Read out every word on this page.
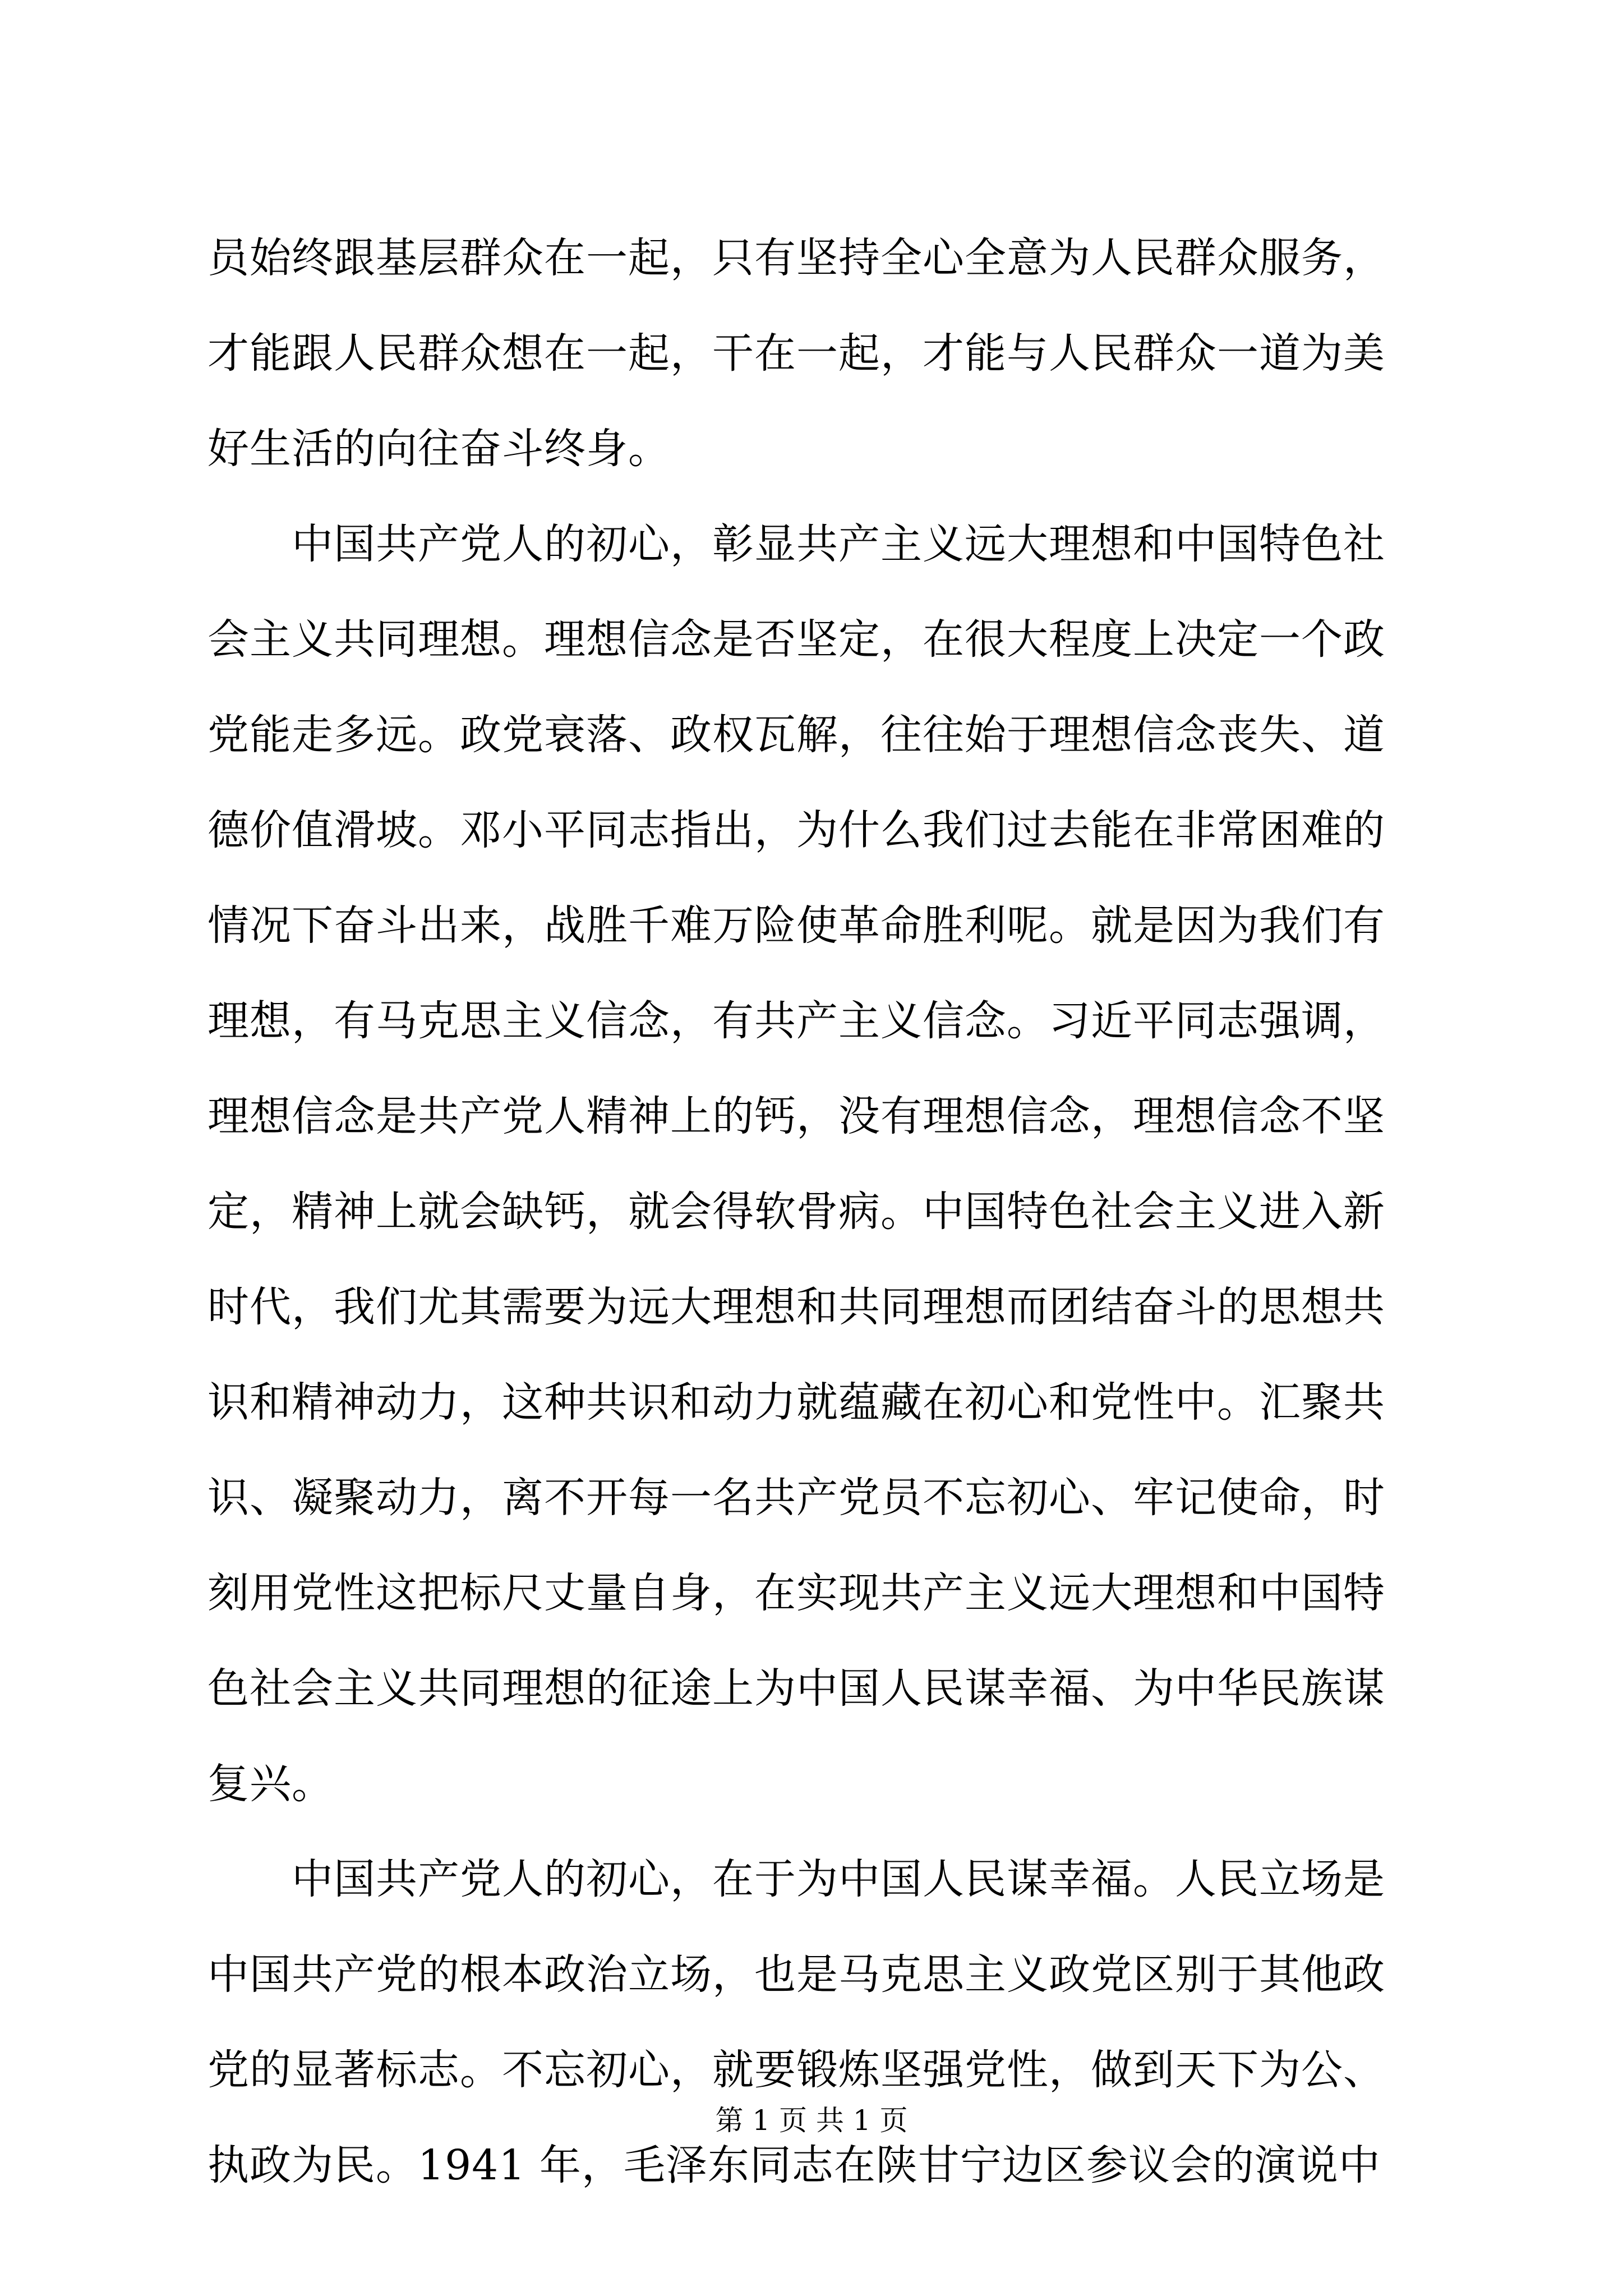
员始终跟基层群众在一起，只有坚持全心全意为人民群众服务，
才能跟人民群众想在一起，干在一起，才能与人民群众一道为美
好生活的向往奋斗终身。
中国共产党人的初心，彰显共产主义远大理想和中国特色社
会主义共同理想。理想信念是否坚定，在很大程度上决定一个政
党能走多远。政党衰落、政权瓦解，往往始于理想信念丧失、道
德价值滑坡。邓小平同志指出，为什么我们过去能在非常困难的
情况下奋斗出来，战胜千难万险使革命胜利呢。就是因为我们有
理想，有马克思主义信念，有共产主义信念。习近平同志强调，
理想信念是共产党人精神上的钙，没有理想信念，理想信念不坚
定，精神上就会缺钙，就会得软骨病。中国特色社会主义进入新
时代，我们尤其需要为远大理想和共同理想而团结奋斗的思想共
识和精神动力，这种共识和动力就蕴藏在初心和党性中。汇聚共
识、凝聚动力，离不开每一名共产党员不忘初心、牢记使命，时
刻用党性这把标尺丈量自身，在实现共产主义远大理想和中国特
色社会主义共同理想的征途上为中国人民谋幸福、为中华民族谋
复兴。
中国共产党人的初心，在于为中国人民谋幸福。人民立场是
中国共产党的根本政治立场，也是马克思主义政党区别于其他政
党的显著标志。不忘初心，就要锻炼坚强党性，做到天下为公、
执政为民。1941 年，毛泽东同志在陕甘宁边区参议会的演说中
第 1 页 共 1 页
